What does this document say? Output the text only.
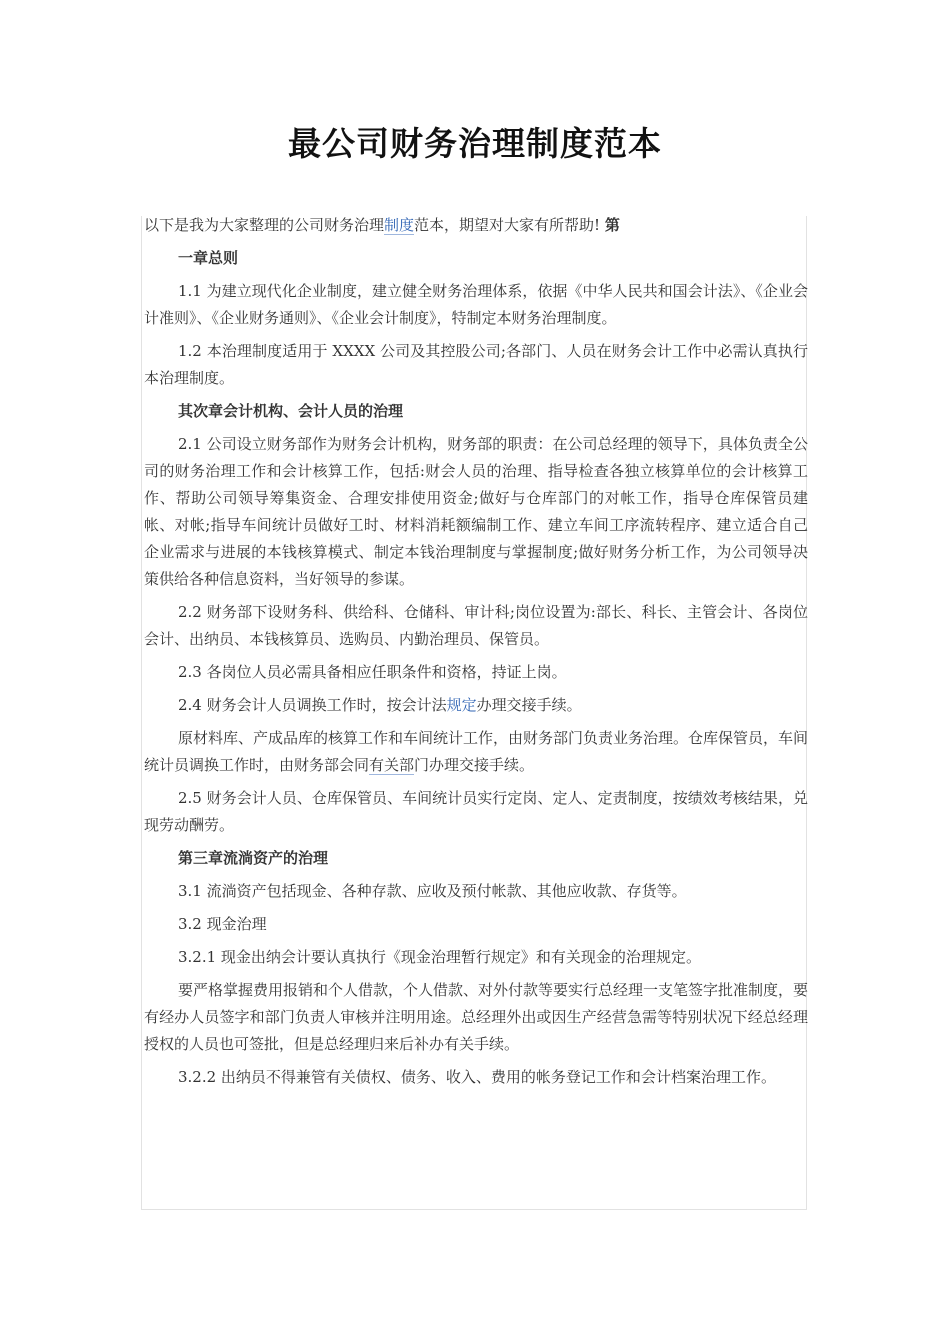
最公司财务治理制度范本

以下是我为大家整理的公司财务治理制度范本，期望对大家有所帮助! 第

一章总则

1.1 为建立现代化企业制度，建立健全财务治理体系，依据《中华人民共和国会计法》、《企业会计准则》、《企业财务通则》、《企业会计制度》，特制定本财务治理制度。

1.2 本治理制度适用于 XXXX 公司及其控股公司;各部门、人员在财务会计工作中必需认真执行本治理制度。

其次章会计机构、会计人员的治理

2.1 公司设立财务部作为财务会计机构，财务部的职责：在公司总经理的领导下，具体负责全公司的财务治理工作和会计核算工作，包括:财会人员的治理、指导检查各独立核算单位的会计核算工作、帮助公司领导筹集资金、合理安排使用资金;做好与仓库部门的对帐工作，指导仓库保管员建帐、对帐;指导车间统计员做好工时、材料消耗额编制工作、建立车间工序流转程序、建立适合自己企业需求与进展的本钱核算模式、制定本钱治理制度与掌握制度;做好财务分析工作，为公司领导决策供给各种信息资料，当好领导的参谋。

2.2 财务部下设财务科、供给科、仓储科、审计科;岗位设置为:部长、科长、主管会计、各岗位会计、出纳员、本钱核算员、选购员、内勤治理员、保管员。

2.3 各岗位人员必需具备相应任职条件和资格，持证上岗。

2.4 财务会计人员调换工作时，按会计法规定办理交接手续。

原材料库、产成品库的核算工作和车间统计工作，由财务部门负责业务治理。仓库保管员，车间统计员调换工作时，由财务部会同有关部门办理交接手续。

2.5 财务会计人员、仓库保管员、车间统计员实行定岗、定人、定责制度，按绩效考核结果，兑现劳动酬劳。

第三章流淌资产的治理

3.1 流淌资产包括现金、各种存款、应收及预付帐款、其他应收款、存货等。

3.2 现金治理

3.2.1 现金出纳会计要认真执行《现金治理暂行规定》和有关现金的治理规定。

要严格掌握费用报销和个人借款，个人借款、对外付款等要实行总经理一支笔签字批准制度，要有经办人员签字和部门负责人审核并注明用途。总经理外出或因生产经营急需等特别状况下经总经理授权的人员也可签批，但是总经理归来后补办有关手续。

3.2.2 出纳员不得兼管有关债权、债务、收入、费用的帐务登记工作和会计档案治理工作。
